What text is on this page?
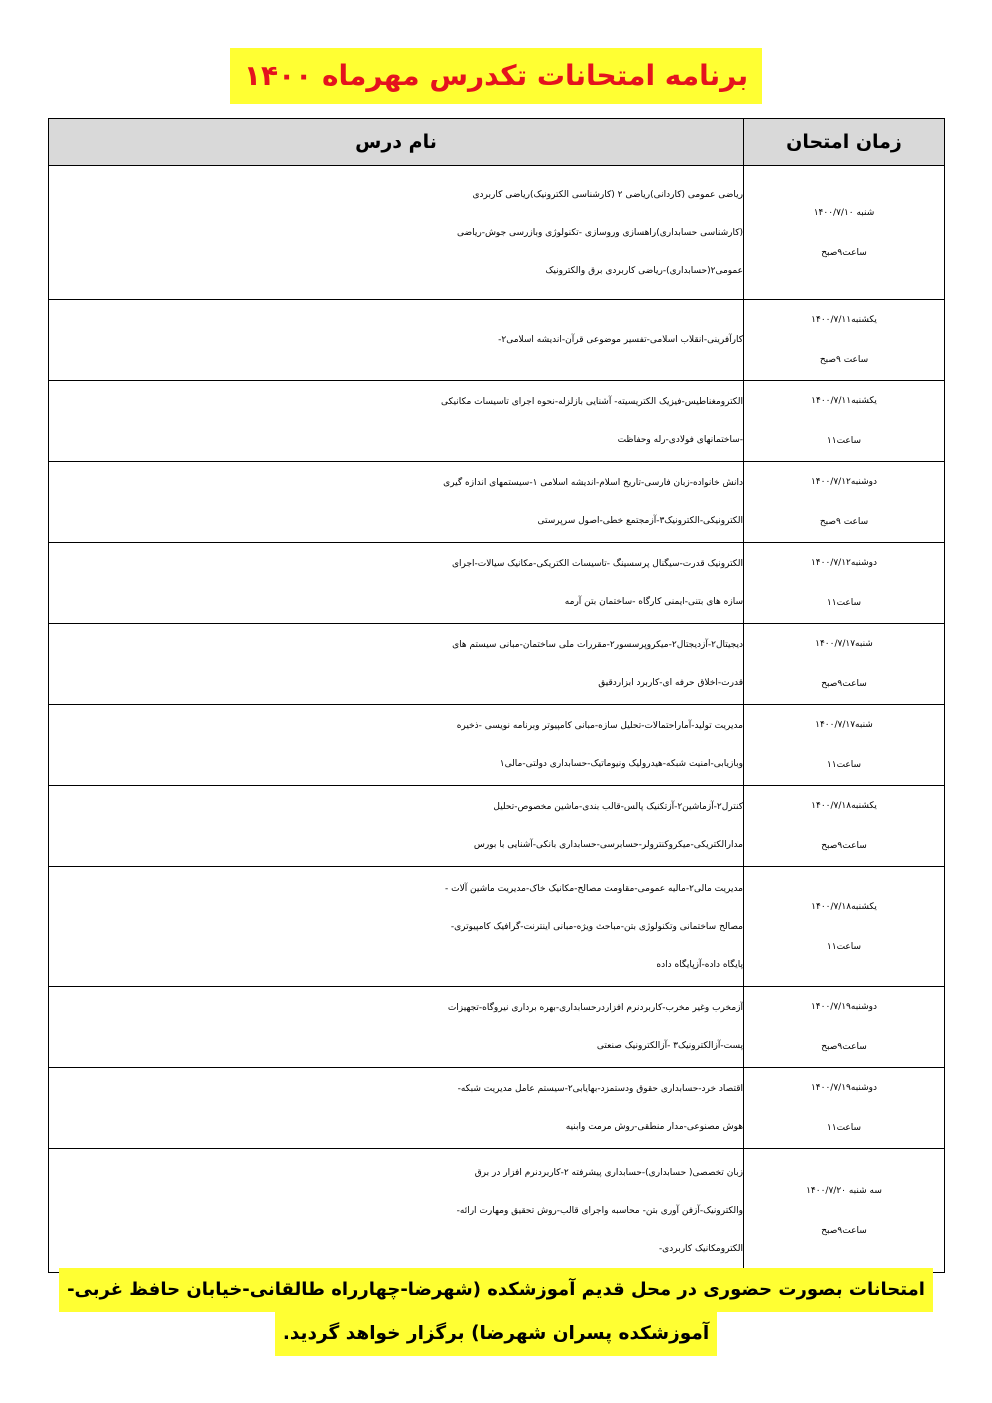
برنامه امتحانات تکدرس مهرماه ۱۴۰۰
زمان امتحان	نام درس

شنبه ۱۴۰۰/۷/۱۰
ساعت۹صبح	ریاضی عمومی (کاردانی)ریاضی ۲ (کارشناسی الکترونیک)ریاضی کاربردی
(کارشناسی حسابداری)راهسازی وروسازی -تکنولوژی وبازرسی جوش-ریاضی
عمومی۲(حسابداری)-ریاضی کاربردی برق والکترونیک

یکشنبه۱۴۰۰/۷/۱۱
ساعت ۹صبح	کارآفرینی-انقلاب اسلامی-تفسیر موضوعی قرآن-اندیشه اسلامی۲-

یکشنبه۱۴۰۰/۷/۱۱
ساعت۱۱	الکترومغناطیس-فیزیک الکتریسیته- آشنایی بازلزله-نحوه اجرای تاسیسات مکانیکی
-ساختمانهای فولادی-رله وحفاظت

دوشنبه۱۴۰۰/۷/۱۲
ساعت ۹صبح	دانش خانواده-زبان فارسی-تاریخ اسلام-اندیشه اسلامی ۱-سیستمهای اندازه گیری
الکترونیکی-الکترونیک۳-آزمجتمع خطی-اصول سرپرستی

دوشنبه۱۴۰۰/۷/۱۲
ساعت۱۱	الکترونیک قدرت-سیگنال پرسسینگ -تاسیسات الکتریکی-مکانیک سیالات-اجرای
سازه های بتنی-ایمنی کارگاه -ساختمان بتن آرمه

شنبه۱۴۰۰/۷/۱۷
ساعت۹صبح	دیجیتال۲-آزدیجتال۲-میکروپرسسور۲-مقررات ملی ساختمان-مبانی سیستم های
قدرت-اخلاق حرفه ای-کاربرد ابزاردقیق

شنبه۱۴۰۰/۷/۱۷
ساعت۱۱	مدیریت تولید-آماراحتمالات-تحلیل سازه-مبانی کامپیوتر وبرنامه نویسی -ذخیره
وبازیابی-امنیت شبکه-هیدرولیک ونیوماتیک-حسابداری دولتی-مالی۱

یکشنبه۱۴۰۰/۷/۱۸
ساعت۹صبح	کنترل۲-آزماشین۲-آزتکنیک پالس-قالب بندی-ماشین مخصوص-تحلیل
مدارالکتریکی-میکروکنترولر-حسابرسی-حسابداری بانکی-آشنایی با بورس

یکشنبه۱۴۰۰/۷/۱۸
ساعت۱۱	مدیریت مالی۲-مالیه عمومی-مقاومت مصالح-مکانیک خاک-مدیریت ماشین آلات -
مصالح ساختمانی وتکنولوژی بتن-مباحث ویژه-مبانی اینترنت-گرافیک کامپیوتری-
پایگاه داده-آزپایگاه داده

دوشنبه۱۴۰۰/۷/۱۹
ساعت۹صبح	آزمخرب وغیر مخرب-کاربردنرم افزاردرحسابداری-بهره برداری نیروگاه-تجهیزات
پست-آزالکترونیک۳ -آزالکترونیک صنعتی

دوشنبه۱۴۰۰/۷/۱۹
ساعت۱۱	اقتصاد خرد-حسابداری حقوق ودستمزد-بهایابی۲-سیستم عامل مدیریت شبکه-
هوش مصنوعی-مدار منطقی-روش مرمت وابنیه

سه شنبه ۱۴۰۰/۷/۲۰
ساعت۹صبح	زبان تخصصی( حسابداری)-حسابداری پیشرفته ۲-کاربردنرم افزار در برق
والکترونیک-آزفن آوری بتن- محاسبه واجرای قالب-روش تحقیق ومهارت ارائه-
الکترومکانیک کاربردی-
امتحانات بصورت حضوری در محل قدیم آموزشکده (شهرضا-چهارراه طالقانی-خیابان حافظ غربی-
آموزشکده پسران شهرضا) برگزار خواهد گردید.
